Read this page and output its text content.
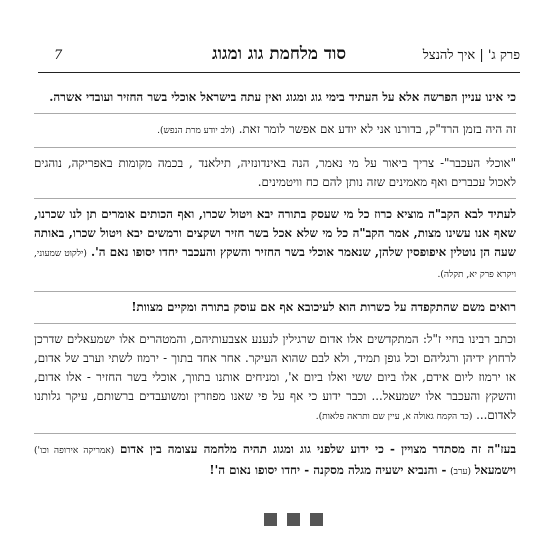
7	סוד מלחמת גוג ומגוג	פרק ג' | איך להנצל

כי אינו עניין הפרשה אלא על העתיד בימי גוג ומגוג ואין עתה בישראל אוכלי בשר החזיר ועובדי אשרה.

זה היה בזמן הרד"ק, בדורנו אני לא יודע אם אפשר לומר זאת. (ולב יודע מרת הנפש).

"אוכלי העכבר"- צריך ביאור על מי נאמר, הנה באינדונזיה, תילאנד , בכמה מקומות באפריקה, נוהגים לאכול עכברים ואף מאמינים שזה נותן להם כח וויטמינים.

לעתיד לבא הקב"ה מוציא כרוז כל מי שעסק בתורה יבא ויטול שכרו, ואף הכותים אומרים תן לנו שכרנו, שאף אנו עשינו מצות, אמר הקב"ה כל מי שלא אכל בשר חזיר ושקצים ורמשים יבא ויטול שכרו, באותה שעה הן נוטלין איפופסין שלהן, שנאמר אוכלי בשר החזיר והשקץ והעכבר יחדו יסופו נאם ה'. (ילקוט שמעוני, ויקרא פרק יא, תקלה).

רואים משם שהתקפדה על כשרות הוא לעיכובא אף אם עוסק בתורה ומקיים מצוות!

וכתב רבינו בחיי ז"ל: המתקדשים אלו אדום שרגילין לנענע אצבעותיהם, והמטהרים אלו ישמעאלים שדרכן לרחוץ ידיהן ורגליהם וכל גופן תמיד, ולא לבם שהוא העיקר. אחר אחד בתוך - ירמוז לשתי וערב של אדום, או ירמוז ליום אידם, אלו ביום ששי ואלו ביום א', ומניחים אותנו בתווך, אוכלי בשר החזיר - אלו אדום, והשקץ והעכבר אלו ישמעאל... וכבר ידוע כי אף על פי שאנו מפוזרין ומשועבדים ברשותם, עיקר גלותנו לאדום... (כד הקמח גאולה א, עיין שם ותראה פלאות).

בעז"ה זה מסתדר מצויין - כי ידוע שלפני גוג ומגוג תהיה מלחמה עצומה בין אדום (אמריקה אירופה וכו') וישמעאל (ערב) - והנביא ישעיה מגלה מסקנה - יחדו יסופו נאום ה'!
